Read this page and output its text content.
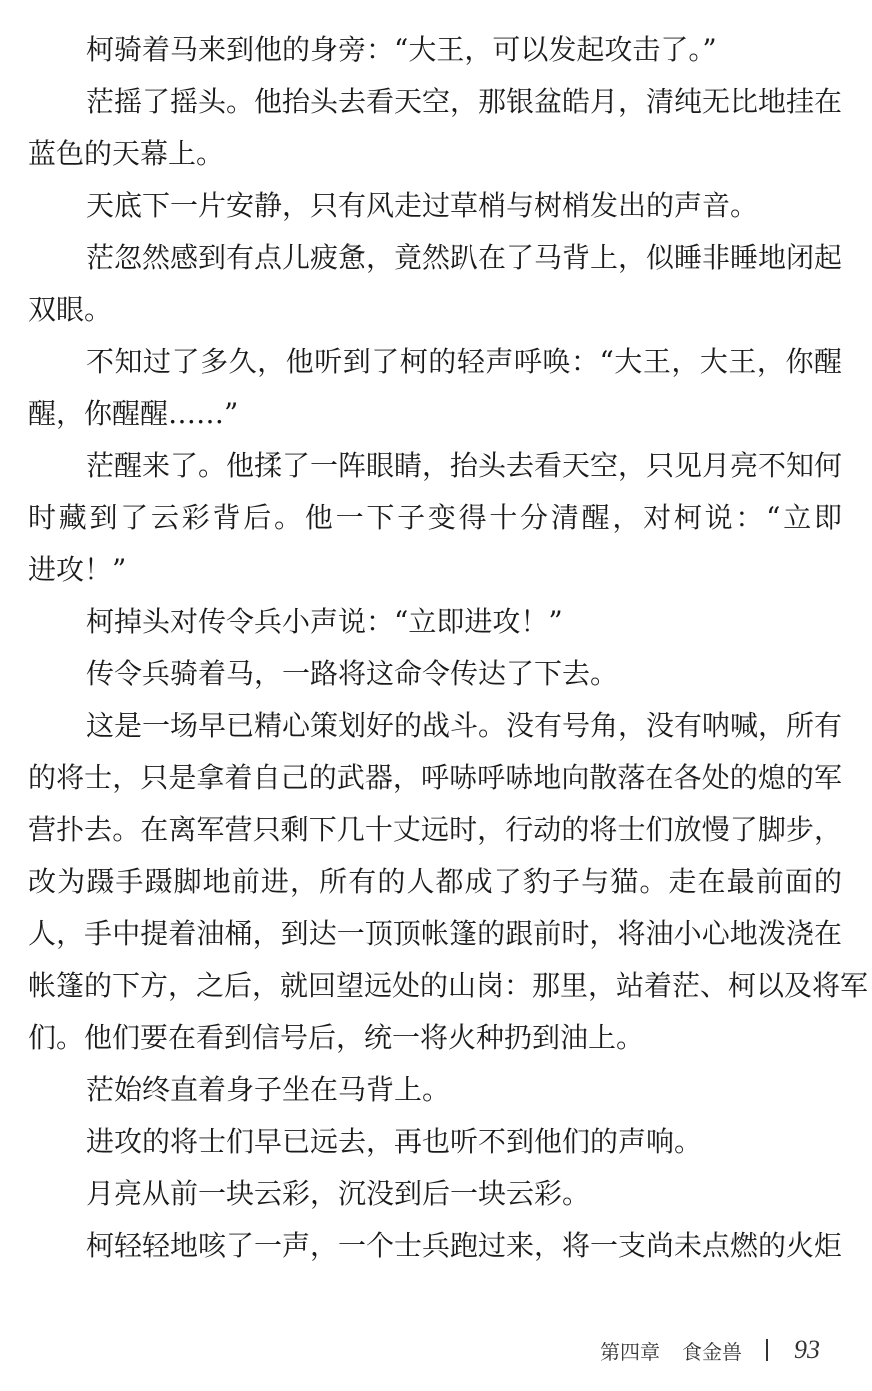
柯骑着马来到他的身旁：“大王，可以发起攻击了。”
茫摇了摇头。他抬头去看天空，那银盆皓月，清纯无比地挂在
蓝色的天幕上。
天底下一片安静，只有风走过草梢与树梢发出的声音。
茫忽然感到有点儿疲惫，竟然趴在了马背上，似睡非睡地闭起
双眼。
不知过了多久，他听到了柯的轻声呼唤：“大王，大王，你醒
醒，你醒醒……”
茫醒来了。他揉了一阵眼睛，抬头去看天空，只见月亮不知何
时藏到了云彩背后。他一下子变得十分清醒，对柯说：“立即
进攻！”
柯掉头对传令兵小声说：“立即进攻！”
传令兵骑着马，一路将这命令传达了下去。
这是一场早已精心策划好的战斗。没有号角，没有呐喊，所有
的将士，只是拿着自己的武器，呼哧呼哧地向散落在各处的熄的军
营扑去。在离军营只剩下几十丈远时，行动的将士们放慢了脚步，
改为蹑手蹑脚地前进，所有的人都成了豹子与猫。走在最前面的
人，手中提着油桶，到达一顶顶帐篷的跟前时，将油小心地泼浇在
帐篷的下方，之后，就回望远处的山岗：那里，站着茫、柯以及将军
们。他们要在看到信号后，统一将火种扔到油上。
茫始终直着身子坐在马背上。
进攻的将士们早已远去，再也听不到他们的声响。
月亮从前一块云彩，沉没到后一块云彩。
柯轻轻地咳了一声，一个士兵跑过来，将一支尚未点燃的火炬
第四章 食金兽 93
